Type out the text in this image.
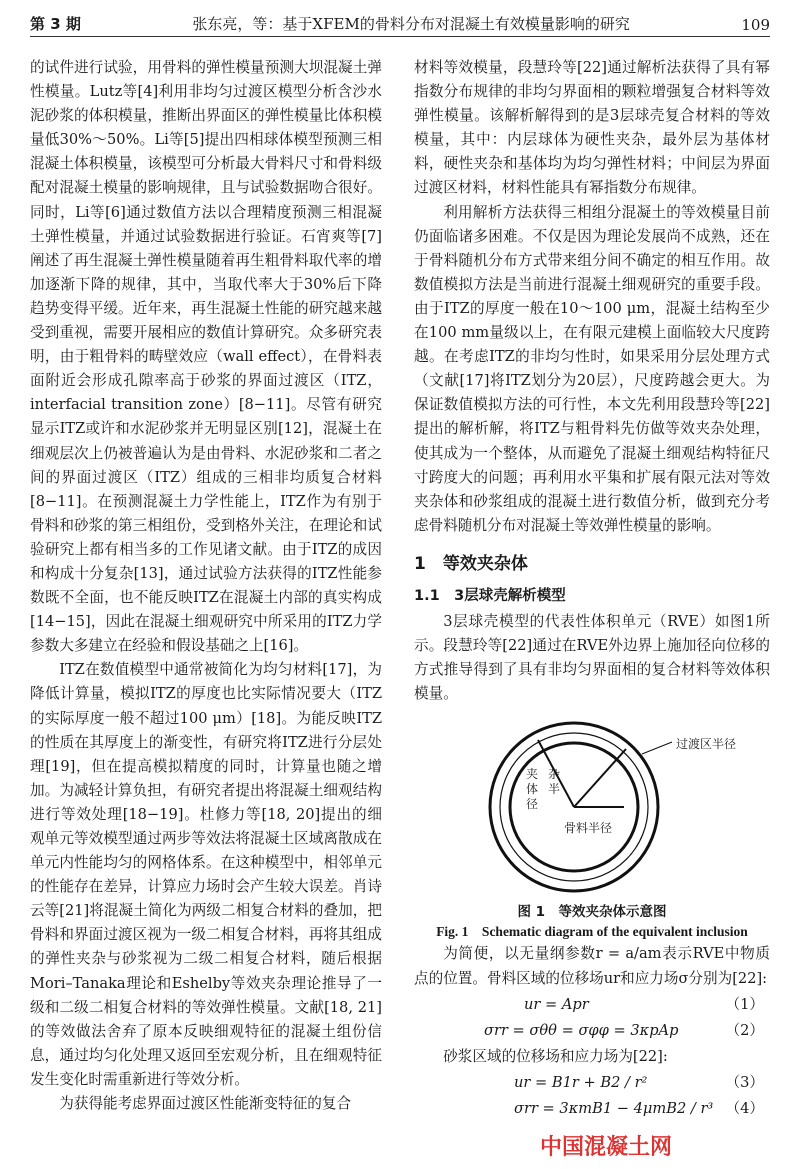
第 3 期	张东亮，等：基于XFEM的骨料分布对混凝土有效模量影响的研究	109

的试件进行试验，用骨料的弹性模量预测大坝混凝土弹性模量。Lutz等[4]利用非均匀过渡区模型分析含沙水泥砂浆的体积模量，推断出界面区的弹性模量比体积模量低30%～50%。Li等[5]提出四相球体模型预测三相混凝土体积模量，该模型可分析最大骨料尺寸和骨料级配对混凝土模量的影响规律，且与试验数据吻合很好。同时，Li等[6]通过数值方法以合理精度预测三相混凝土弹性模量，并通过试验数据进行验证。石宵爽等[7]阐述了再生混凝土弹性模量随着再生粗骨料取代率的增加逐渐下降的规律，其中，当取代率大于30%后下降趋势变得平缓。近年来，再生混凝土性能的研究越来越受到重视，需要开展相应的数值计算研究。众多研究表明，由于粗骨料的畴壁效应（wall effect），在骨料表面附近会形成孔隙率高于砂浆的界面过渡区（ITZ，interfacial transition zone）[8−11]。尽管有研究显示ITZ或许和水泥砂浆并无明显区别[12]，混凝土在细观层次上仍被普遍认为是由骨料、水泥砂浆和二者之间的界面过渡区（ITZ）组成的三相非均质复合材料[8−11]。在预测混凝土力学性能上，ITZ作为有别于骨料和砂浆的第三相组份，受到格外关注，在理论和试验研究上都有相当多的工作见诸文献。由于ITZ的成因和构成十分复杂[13]，通过试验方法获得的ITZ性能参数既不全面，也不能反映ITZ在混凝土内部的真实构成[14−15]，因此在混凝土细观研究中所采用的ITZ力学参数大多建立在经验和假设基础之上[16]。

ITZ在数值模型中通常被简化为均匀材料[17]，为降低计算量，模拟ITZ的厚度也比实际情况要大（ITZ的实际厚度一般不超过100 μm）[18]。为能反映ITZ的性质在其厚度上的渐变性，有研究将ITZ进行分层处理[19]，但在提高模拟精度的同时，计算量也随之增加。为减轻计算负担，有研究者提出将混凝土细观结构进行等效处理[18−19]。杜修力等[18, 20]提出的细观单元等效模型通过两步等效法将混凝土区域离散成在单元内性能均匀的网格体系。在这种模型中，相邻单元的性能存在差异，计算应力场时会产生较大误差。肖诗云等[21]将混凝土简化为两级二相复合材料的叠加，把骨料和界面过渡区视为一级二相复合材料，再将其组成的弹性夹杂与砂浆视为二级二相复合材料，随后根据Mori–Tanaka理论和Eshelby等效夹杂理论推导了一级和二级二相复合材料的等效弹性模量。文献[18, 21]的等效做法舍弃了原本反映细观特征的混凝土组份信息，通过均匀化处理又返回至宏观分析，且在细观特征发生变化时需重新进行等效分析。

为获得能考虑界面过渡区性能渐变特征的复合

材料等效模量，段慧玲等[22]通过解析法获得了具有幂指数分布规律的非均匀界面相的颗粒增强复合材料等效弹性模量。该解析解得到的是3层球壳复合材料的等效模量，其中：内层球体为硬性夹杂，最外层为基体材料，硬性夹杂和基体均为均匀弹性材料；中间层为界面过渡区材料，材料性能具有幂指数分布规律。

利用解析方法获得三相组分混凝土的等效模量目前仍面临诸多困难。不仅是因为理论发展尚不成熟，还在于骨料随机分布方式带来组分间不确定的相互作用。故数值模拟方法是当前进行混凝土细观研究的重要手段。由于ITZ的厚度一般在10～100 μm，混凝土结构至少在100 mm量级以上，在有限元建模上面临较大尺度跨越。在考虑ITZ的非均匀性时，如果采用分层处理方式（文献[17]将ITZ划分为20层），尺度跨越会更大。为保证数值模拟方法的可行性，本文先利用段慧玲等[22]提出的解析解，将ITZ与粗骨料先仿做等效夹杂处理，使其成为一个整体，从而避免了混凝土细观结构特征尺寸跨度大的问题；再利用水平集和扩展有限元法对等效夹杂体和砂浆组成的混凝土进行数值分析，做到充分考虑骨料随机分布对混凝土等效弹性模量的影响。

1　等效夹杂体
1.1　3层球壳解析模型

3层球壳模型的代表性体积单元（RVE）如图1所示。段慧玲等[22]通过在RVE外边界上施加径向位移的方式推导得到了具有非均匀界面相的复合材料等效体积模量。

夹杂体半径
过渡区半径
骨料半径
图 1　等效夹杂体示意图
Fig. 1　Schematic diagram of the equivalent inclusion

为简便，以无量纲参数r = a/am表示RVE中物质点的位置。骨料区域的位移场ur和应力场σ分别为[22]:

ur = Apr	（1）
σrr = σθθ = σφφ = 3κpAp	（2）

砂浆区域的位移场和应力场为[22]:

ur = B1r + B2 / r²	（3）
σrr = 3κmB1 − 4μmB2 / r³ （4）
中国混凝土网
